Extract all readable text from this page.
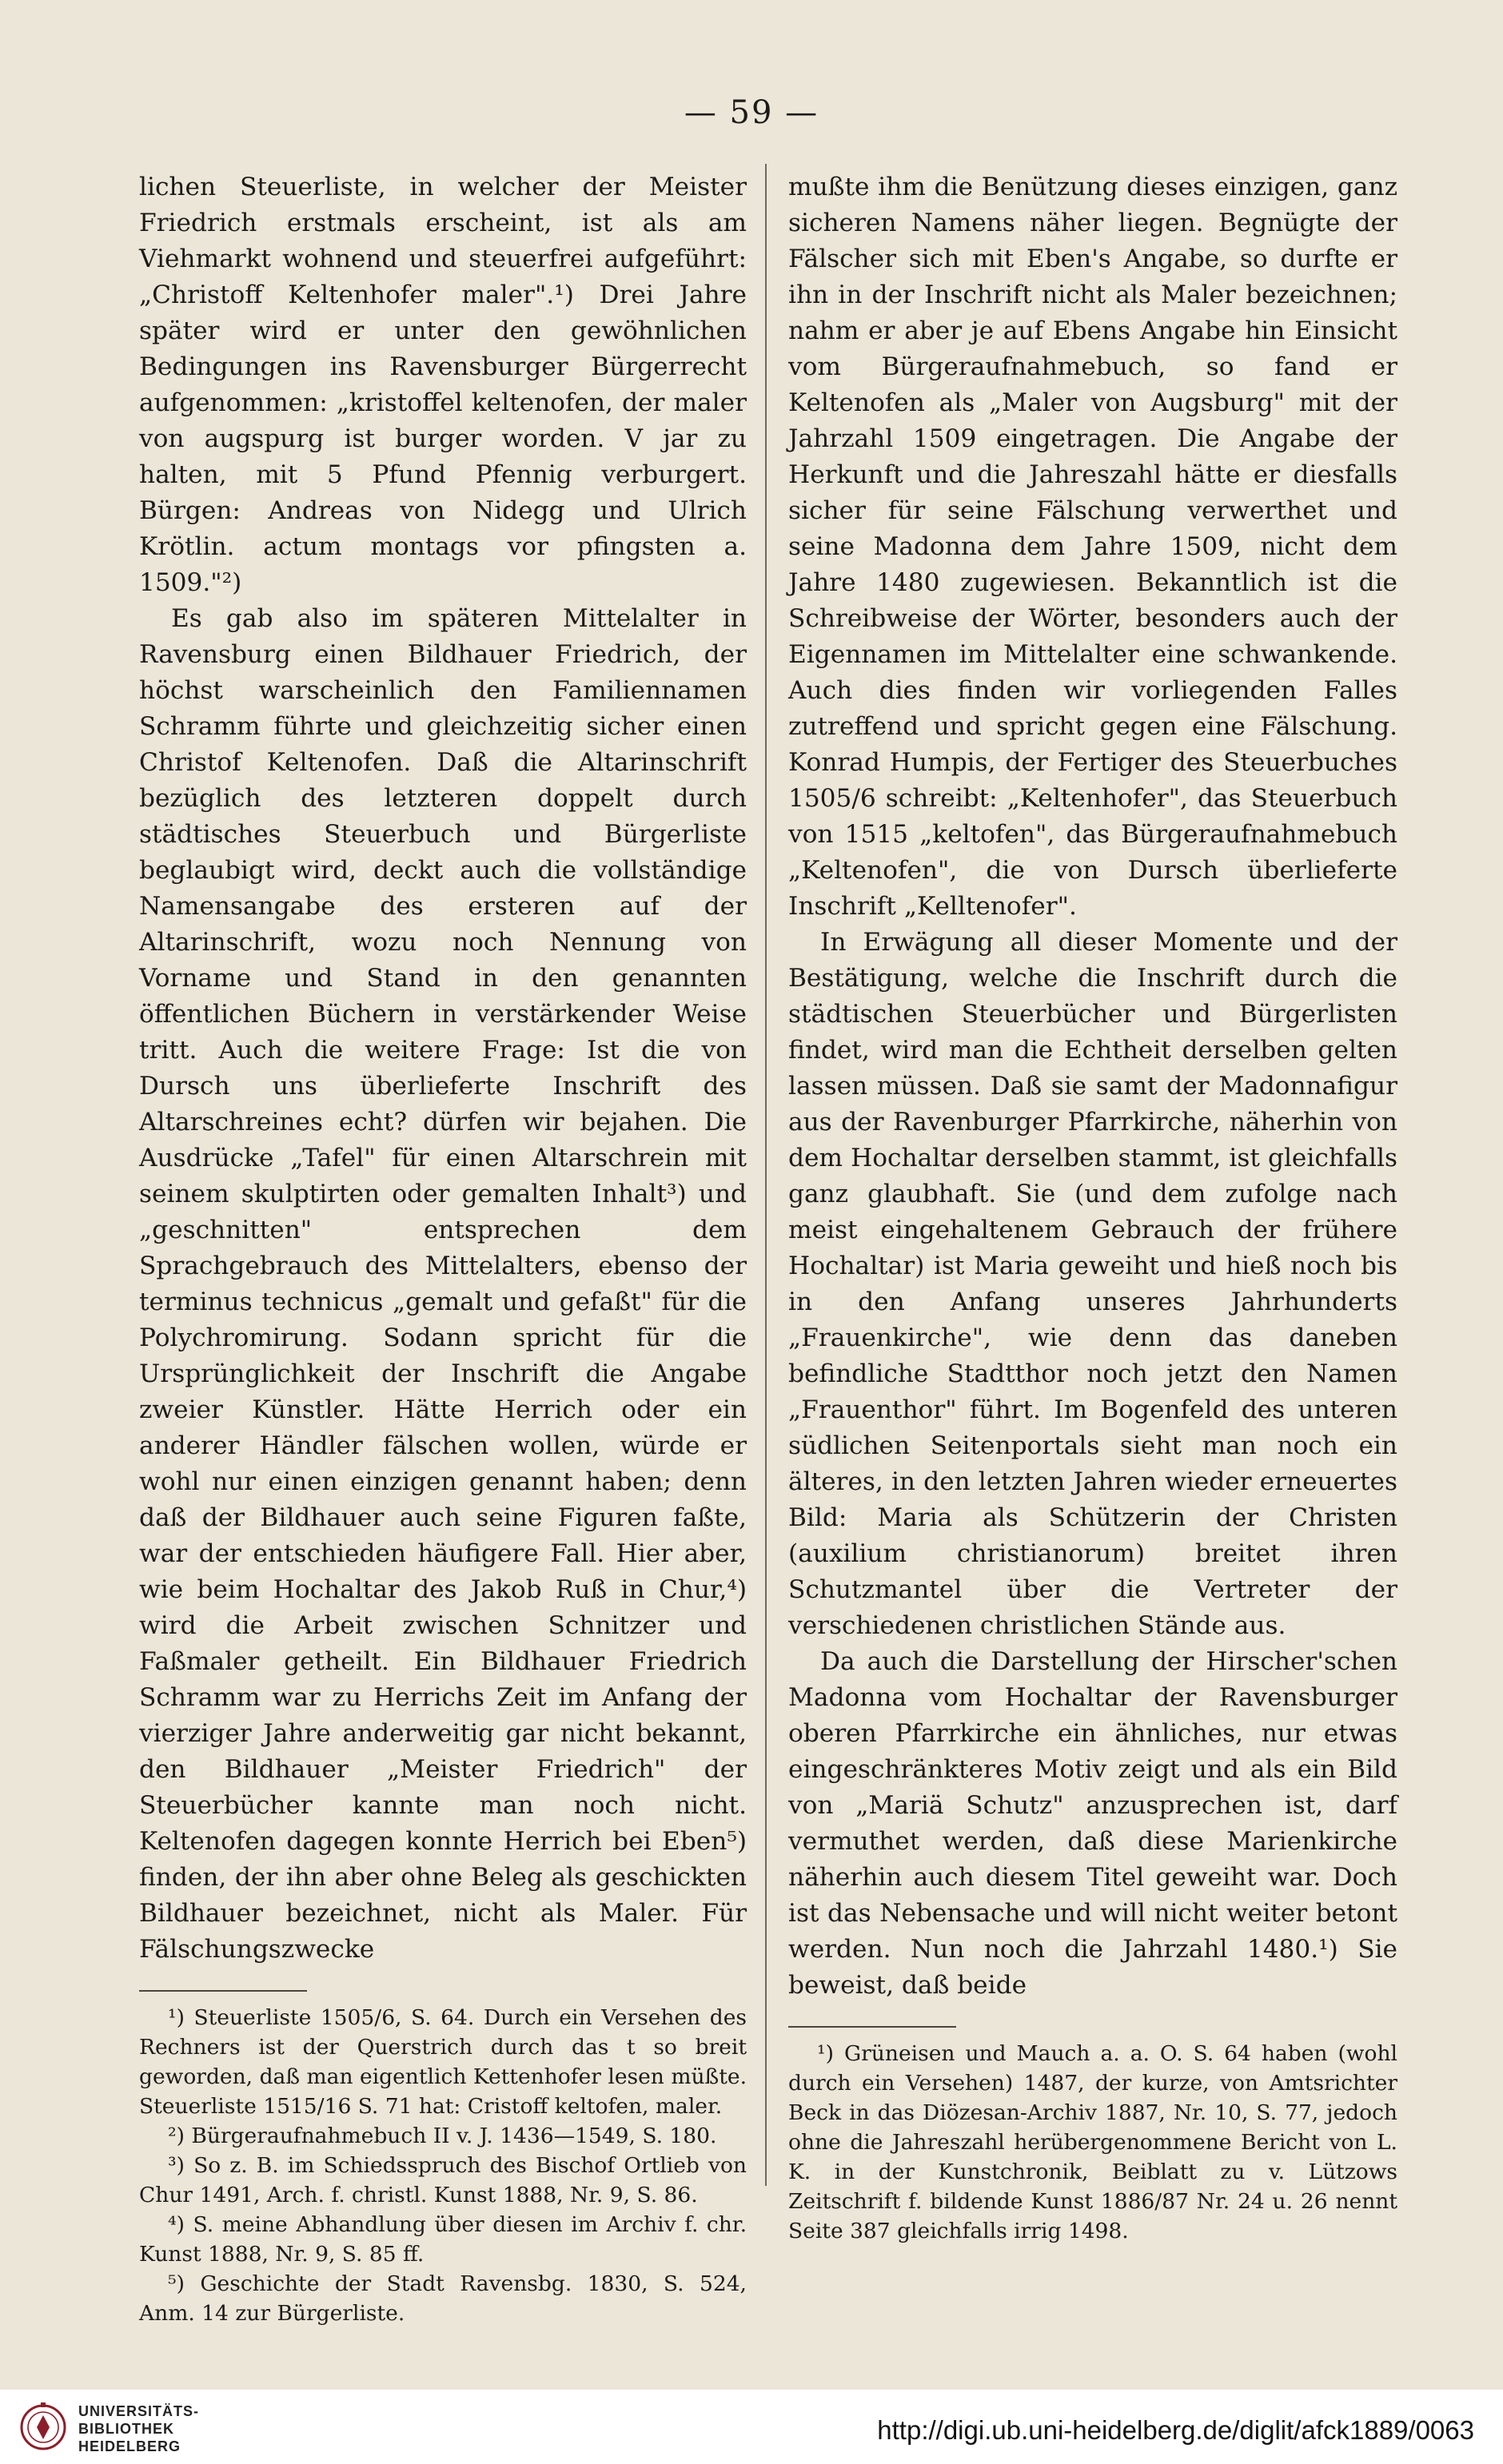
— 59 —

lichen Steuerliste, in welcher der Meister Friedrich erstmals erscheint, ist als am Viehmarkt wohnend und steuerfrei aufgeführt: „Christoff Keltenhofer maler".¹) Drei Jahre später wird er unter den gewöhnlichen Bedingungen ins Ravensburger Bürgerrecht aufgenommen: „kristoffel keltenofen, der maler von augspurg ist burger worden. V jar zu halten, mit 5 Pfund Pfennig verburgert. Bürgen: Andreas von Nidegg und Ulrich Krötlin. actum montags vor pfingsten a. 1509."²)

Es gab also im späteren Mittelalter in Ravensburg einen Bildhauer Friedrich, der höchst warscheinlich den Familiennamen Schramm führte und gleichzeitig sicher einen Christof Keltenofen. Daß die Altarinschrift bezüglich des letzteren doppelt durch städtisches Steuerbuch und Bürgerliste beglaubigt wird, deckt auch die vollständige Namensangabe des ersteren auf der Altarinschrift, wozu noch Nennung von Vorname und Stand in den genannten öffentlichen Büchern in verstärkender Weise tritt. Auch die weitere Frage: Ist die von Dursch uns überlieferte Inschrift des Altarschreines echt? dürfen wir bejahen. Die Ausdrücke „Tafel" für einen Altarschrein mit seinem skulptirten oder gemalten Inhalt³) und „geschnitten" entsprechen dem Sprachgebrauch des Mittelalters, ebenso der terminus technicus „gemalt und gefaßt" für die Polychromirung. Sodann spricht für die Ursprünglichkeit der Inschrift die Angabe zweier Künstler. Hätte Herrich oder ein anderer Händler fälschen wollen, würde er wohl nur einen einzigen genannt haben; denn daß der Bildhauer auch seine Figuren faßte, war der entschieden häufigere Fall. Hier aber, wie beim Hochaltar des Jakob Ruß in Chur,⁴) wird die Arbeit zwischen Schnitzer und Faßmaler getheilt. Ein Bildhauer Friedrich Schramm war zu Herrichs Zeit im Anfang der vierziger Jahre anderweitig gar nicht bekannt, den Bildhauer „Meister Friedrich" der Steuerbücher kannte man noch nicht. Keltenofen dagegen konnte Herrich bei Eben⁵) finden, der ihn aber ohne Beleg als geschickten Bildhauer bezeichnet, nicht als Maler. Für Fälschungszwecke

¹) Steuerliste 1505/6, S. 64. Durch ein Versehen des Rechners ist der Querstrich durch das t so breit geworden, daß man eigentlich Kettenhofer lesen müßte. Steuerliste 1515/16 S. 71 hat: Cristoff keltofen, maler.

²) Bürgeraufnahmebuch II v. J. 1436—1549, S. 180.

³) So z. B. im Schiedsspruch des Bischof Ortlieb von Chur 1491, Arch. f. christl. Kunst 1888, Nr. 9, S. 86.

⁴) S. meine Abhandlung über diesen im Archiv f. chr. Kunst 1888, Nr. 9, S. 85 ff.

⁵) Geschichte der Stadt Ravensbg. 1830, S. 524, Anm. 14 zur Bürgerliste.

mußte ihm die Benützung dieses einzigen, ganz sicheren Namens näher liegen. Begnügte der Fälscher sich mit Eben's Angabe, so durfte er ihn in der Inschrift nicht als Maler bezeichnen; nahm er aber je auf Ebens Angabe hin Einsicht vom Bürgeraufnahmebuch, so fand er Keltenofen als „Maler von Augsburg" mit der Jahrzahl 1509 eingetragen. Die Angabe der Herkunft und die Jahreszahl hätte er diesfalls sicher für seine Fälschung verwerthet und seine Madonna dem Jahre 1509, nicht dem Jahre 1480 zugewiesen. Bekanntlich ist die Schreibweise der Wörter, besonders auch der Eigennamen im Mittelalter eine schwankende. Auch dies finden wir vorliegenden Falles zutreffend und spricht gegen eine Fälschung. Konrad Humpis, der Fertiger des Steuerbuches 1505/6 schreibt: „Keltenhofer", das Steuerbuch von 1515 „keltofen", das Bürgeraufnahmebuch „Keltenofen", die von Dursch überlieferte Inschrift „Kelltenofer".

In Erwägung all dieser Momente und der Bestätigung, welche die Inschrift durch die städtischen Steuerbücher und Bürgerlisten findet, wird man die Echtheit derselben gelten lassen müssen. Daß sie samt der Madonnafigur aus der Ravenburger Pfarrkirche, näherhin von dem Hochaltar derselben stammt, ist gleichfalls ganz glaubhaft. Sie (und dem zufolge nach meist eingehaltenem Gebrauch der frühere Hochaltar) ist Maria geweiht und hieß noch bis in den Anfang unseres Jahrhunderts „Frauenkirche", wie denn das daneben befindliche Stadtthor noch jetzt den Namen „Frauenthor" führt. Im Bogenfeld des unteren südlichen Seitenportals sieht man noch ein älteres, in den letzten Jahren wieder erneuertes Bild: Maria als Schützerin der Christen (auxilium christianorum) breitet ihren Schutzmantel über die Vertreter der verschiedenen christlichen Stände aus.

Da auch die Darstellung der Hirscher'schen Madonna vom Hochaltar der Ravensburger oberen Pfarrkirche ein ähnliches, nur etwas eingeschränkteres Motiv zeigt und als ein Bild von „Mariä Schutz" anzusprechen ist, darf vermuthet werden, daß diese Marienkirche näherhin auch diesem Titel geweiht war. Doch ist das Nebensache und will nicht weiter betont werden. Nun noch die Jahrzahl 1480.¹) Sie beweist, daß beide

¹) Grüneisen und Mauch a. a. O. S. 64 haben (wohl durch ein Versehen) 1487, der kurze, von Amtsrichter Beck in das Diözesan-Archiv 1887, Nr. 10, S. 77, jedoch ohne die Jahreszahl herübergenommene Bericht von L. K. in der Kunstchronik, Beiblatt zu v. Lützows Zeitschrift f. bildende Kunst 1886/87 Nr. 24 u. 26 nennt Seite 387 gleichfalls irrig 1498.

UNIVERSITÄTS-
BIBLIOTHEK
HEIDELBERG
http://digi.ub.uni-heidelberg.de/diglit/afck1889/0063
